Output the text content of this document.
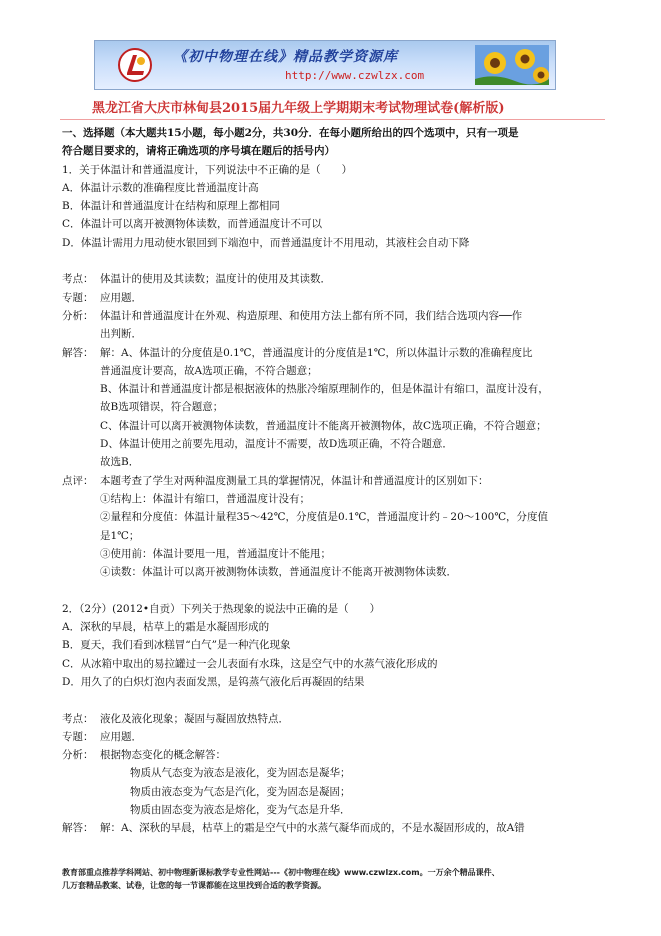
《初中物理在线》精品教学资源库
http://www.czwlzx.com
黑龙江省大庆市林甸县2015届九年级上学期期末考试物理试卷(解析版)

一、选择题（本大题共15小题，每小题2分，共30分．在每小题所给出的四个选项中，只有一项是

符合题目要求的，请将正确选项的序号填在题后的括号内）

1．关于体温计和普通温度计，下列说法中不正确的是（　　）

A．体温计示数的准确程度比普通温度计高

B．体温计和普通温度计在结构和原理上都相同

C．体温计可以离开被测物体读数，而普通温度计不可以

D．体温计需用力甩动使水银回到下端泡中，而普通温度计不用甩动，其液柱会自动下降

考点： 体温计的使用及其读数；温度计的使用及其读数．
专题： 应用题．
分析： 体温计和普通温度计在外观、构造原理、和使用方法上都有所不同，我们结合选项内容──作

出判断．

解答： 解：A、体温计的分度值是0.1℃，普通温度计的分度值是1℃，所以体温计示数的准确程度比

普通温度计要高，故A选项正确，不符合题意；

B、体温计和普通温度计都是根据液体的热胀冷缩原理制作的，但是体温计有缩口，温度计没有，

故B选项错误，符合题意；

C、体温计可以离开被测物体读数，普通温度计不能离开被测物体，故C选项正确，不符合题意；

D、体温计使用之前要先甩动，温度计不需要，故D选项正确，不符合题意．

故选B．

点评： 本题考查了学生对两种温度测量工具的掌握情况，体温计和普通温度计的区别如下：

①结构上：体温计有缩口，普通温度计没有；

②量程和分度值：体温计量程35～42℃，分度值是0.1℃，普通温度计约﹣20～100℃，分度值

是1℃；

③使用前：体温计要甩一甩，普通温度计不能甩；

④读数：体温计可以离开被测物体读数，普通温度计不能离开被测物体读数．

2．（2分）(2012•自贡）下列关于热现象的说法中正确的是（　　）

A．深秋的早晨，枯草上的霜是水凝固形成的

B．夏天，我们看到冰糕冒“白气”是一种汽化现象

C．从冰箱中取出的易拉罐过一会儿表面有水珠，这是空气中的水蒸气液化形成的

D．用久了的白炽灯泡内表面发黑，是钨蒸气液化后再凝固的结果

考点： 液化及液化现象；凝固与凝固放热特点．
专题： 应用题．
分析： 根据物态变化的概念解答：

物质从气态变为液态是液化，变为固态是凝华；

物质由液态变为气态是汽化，变为固态是凝固；

物质由固态变为液态是熔化，变为气态是升华．

解答： 解：A、深秋的早晨，枯草上的霜是空气中的水蒸气凝华而成的，不是水凝固形成的，故A错

教育部重点推荐学科网站、初中物理新课标教学专业性网站---《初中物理在线》www.czwlzx.com。一万余个精品课件、

几万套精品教案、试卷，让您的每一节课都能在这里找到合适的教学资源。
